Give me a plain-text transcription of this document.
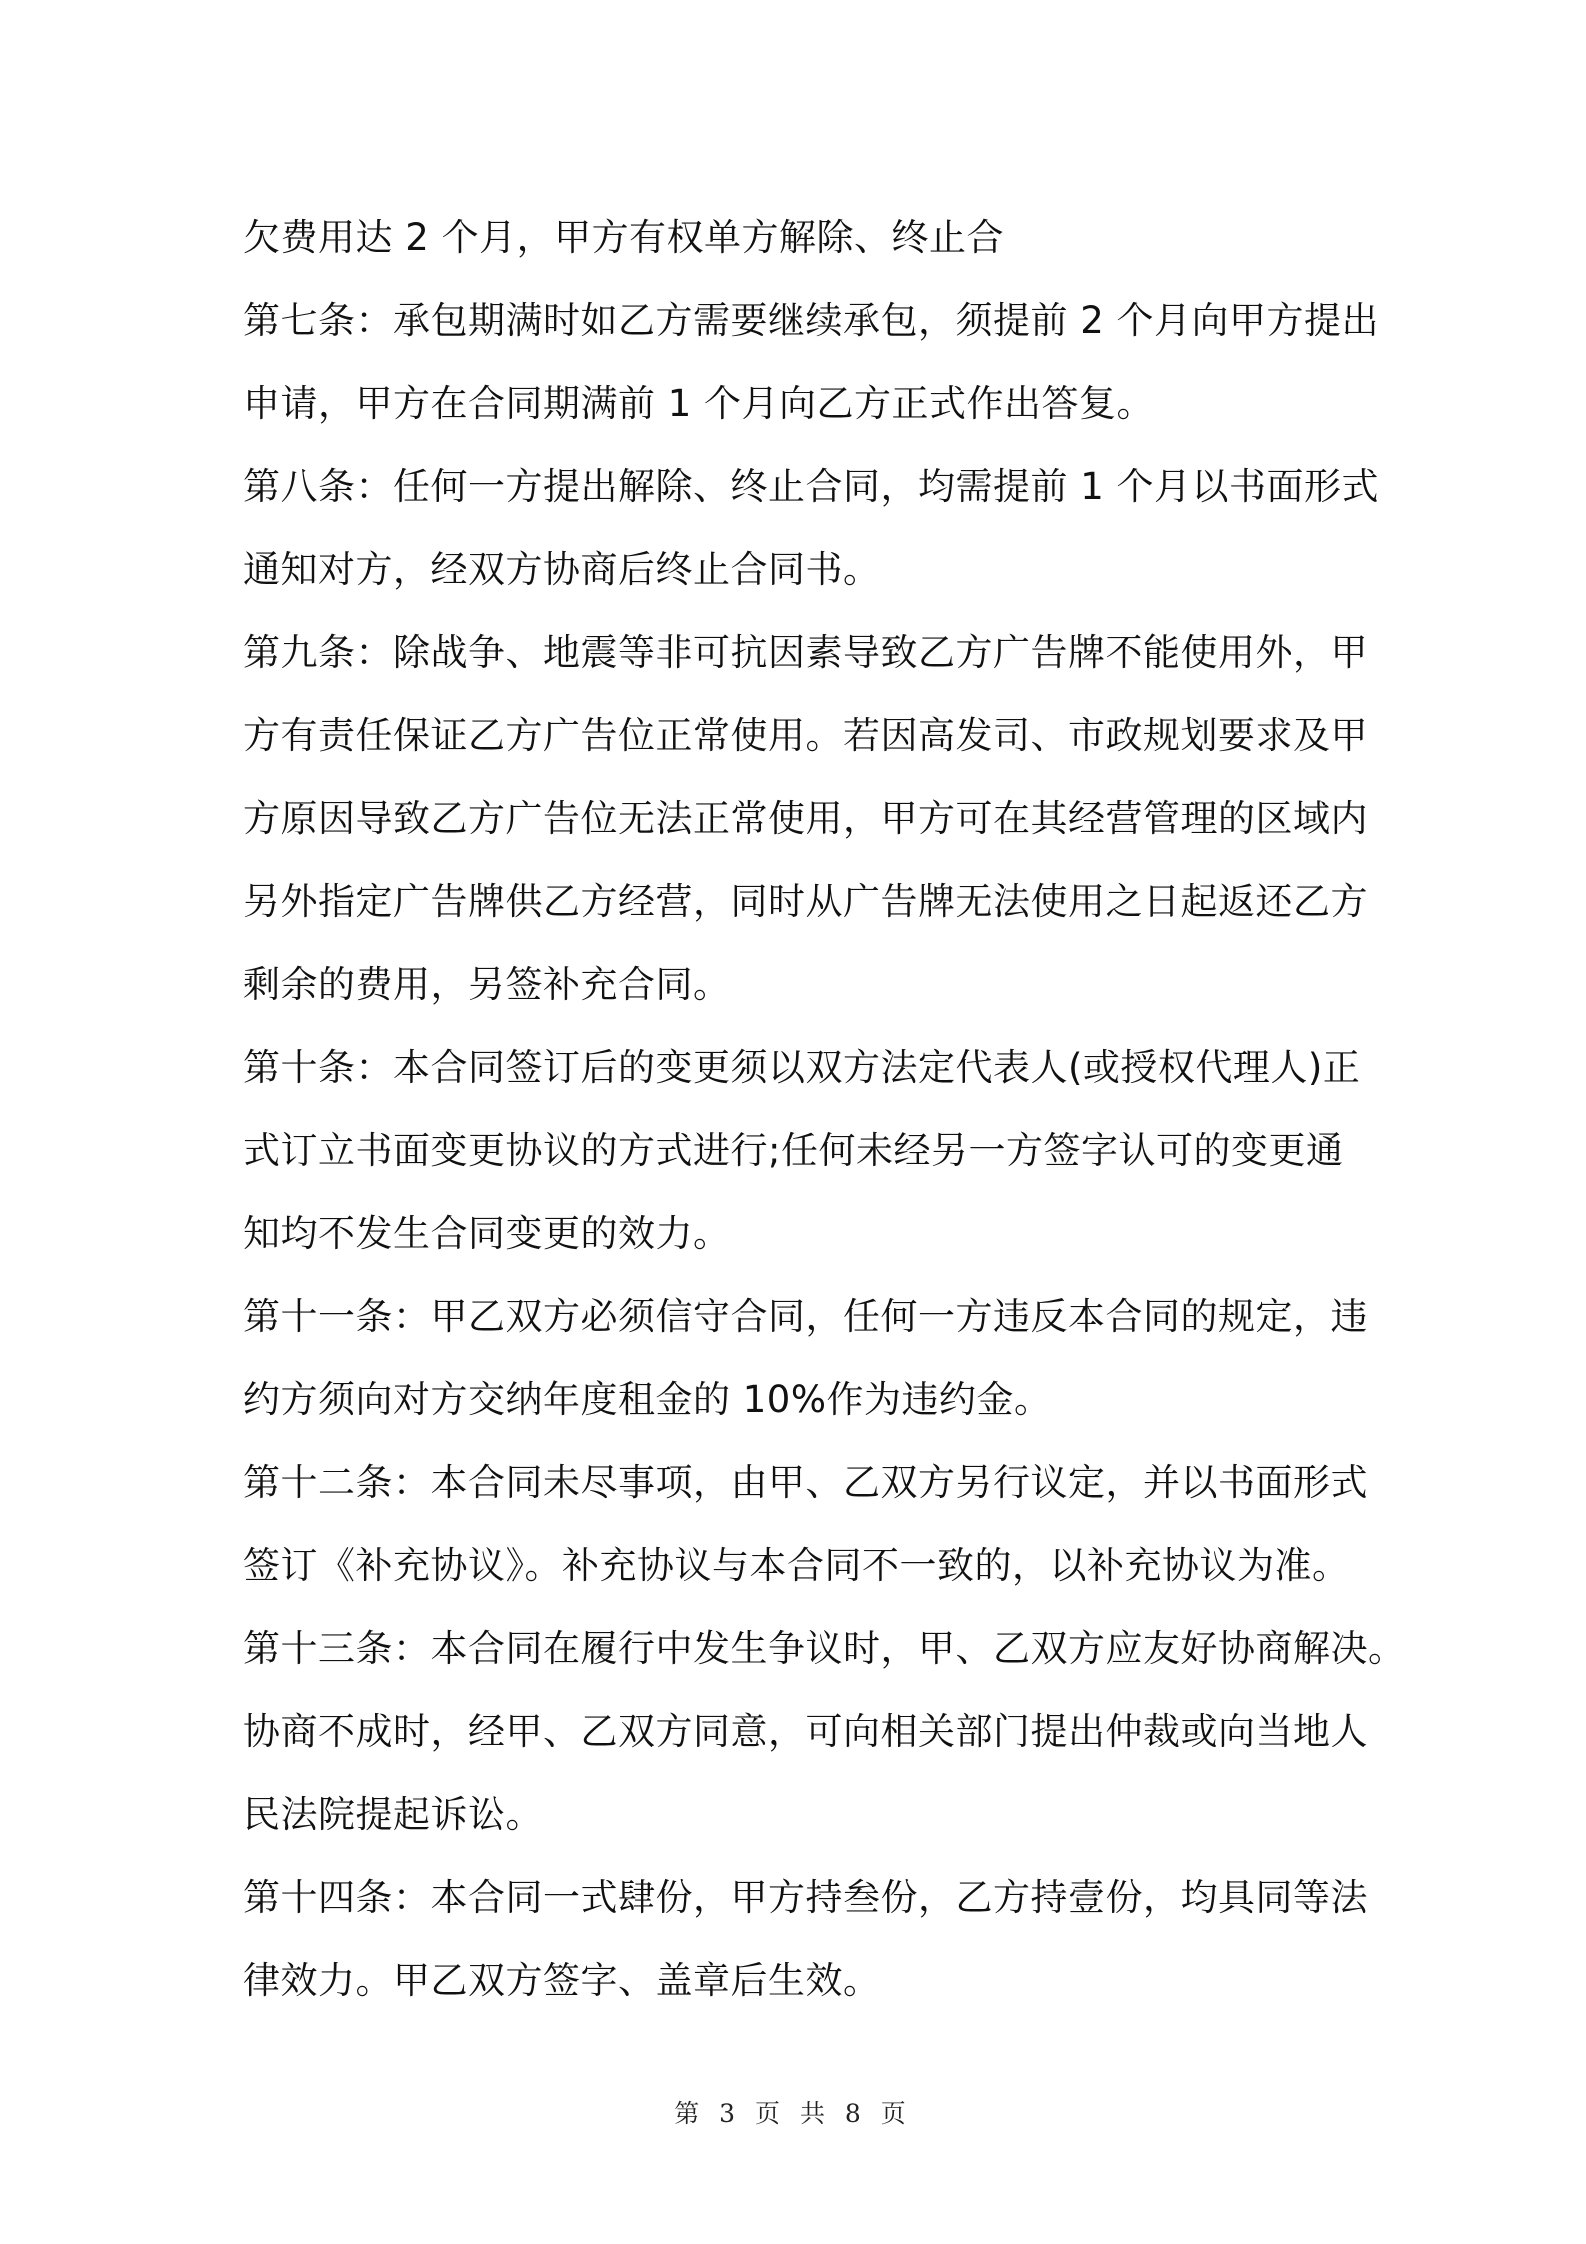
欠费用达 2 个月，甲方有权单方解除、终止合
第七条：承包期满时如乙方需要继续承包，须提前 2 个月向甲方提出
申请，甲方在合同期满前 1 个月向乙方正式作出答复。
第八条：任何一方提出解除、终止合同，均需提前 1 个月以书面形式
通知对方，经双方协商后终止合同书。
第九条：除战争、地震等非可抗因素导致乙方广告牌不能使用外，甲
方有责任保证乙方广告位正常使用。若因高发司、市政规划要求及甲
方原因导致乙方广告位无法正常使用，甲方可在其经营管理的区域内
另外指定广告牌供乙方经营，同时从广告牌无法使用之日起返还乙方
剩余的费用，另签补充合同。
第十条：本合同签订后的变更须以双方法定代表人(或授权代理人)正
式订立书面变更协议的方式进行;任何未经另一方签字认可的变更通
知均不发生合同变更的效力。
第十一条：甲乙双方必须信守合同，任何一方违反本合同的规定，违
约方须向对方交纳年度租金的 10%作为违约金。
第十二条：本合同未尽事项，由甲、乙双方另行议定，并以书面形式
签订《补充协议》。补充协议与本合同不一致的，以补充协议为准。
第十三条：本合同在履行中发生争议时，甲、乙双方应友好协商解决。
协商不成时，经甲、乙双方同意，可向相关部门提出仲裁或向当地人
民法院提起诉讼。
第十四条：本合同一式肆份，甲方持叁份，乙方持壹份，均具同等法
律效力。甲乙双方签字、盖章后生效。
第 3 页 共 8 页
